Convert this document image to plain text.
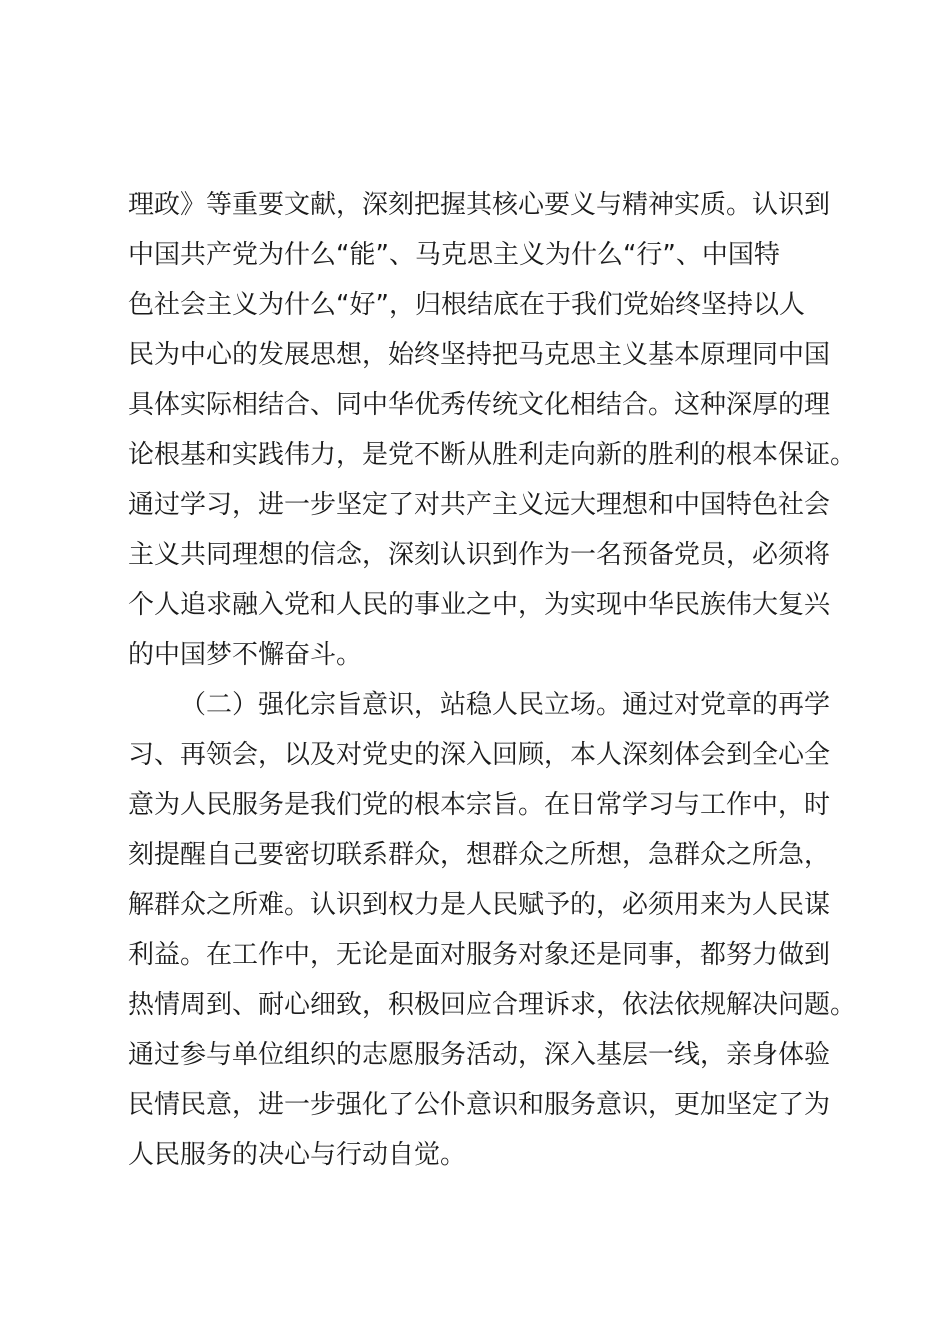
理政》等重要文献，深刻把握其核心要义与精神实质。认识到
中国共产党为什么“能”、马克思主义为什么“行”、中国特
色社会主义为什么“好”，归根结底在于我们党始终坚持以人
民为中心的发展思想，始终坚持把马克思主义基本原理同中国
具体实际相结合、同中华优秀传统文化相结合。这种深厚的理
论根基和实践伟力，是党不断从胜利走向新的胜利的根本保证。
通过学习，进一步坚定了对共产主义远大理想和中国特色社会
主义共同理想的信念，深刻认识到作为一名预备党员，必须将
个人追求融入党和人民的事业之中，为实现中华民族伟大复兴
的中国梦不懈奋斗。
（二）强化宗旨意识，站稳人民立场。通过对党章的再学
习、再领会，以及对党史的深入回顾，本人深刻体会到全心全
意为人民服务是我们党的根本宗旨。在日常学习与工作中，时
刻提醒自己要密切联系群众，想群众之所想，急群众之所急，
解群众之所难。认识到权力是人民赋予的，必须用来为人民谋
利益。在工作中，无论是面对服务对象还是同事，都努力做到
热情周到、耐心细致，积极回应合理诉求，依法依规解决问题。
通过参与单位组织的志愿服务活动，深入基层一线，亲身体验
民情民意，进一步强化了公仆意识和服务意识，更加坚定了为
人民服务的决心与行动自觉。
